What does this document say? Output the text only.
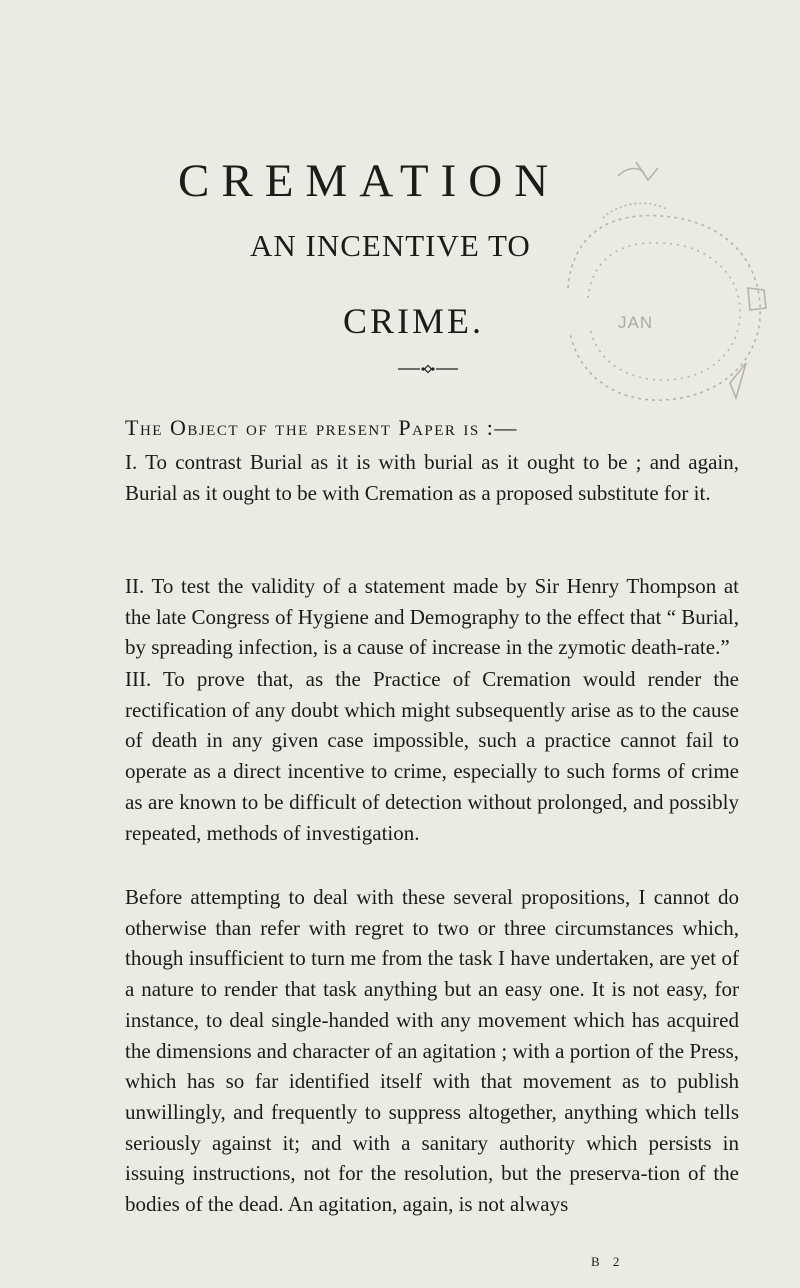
JAN
CREMATION
AN INCENTIVE TO
CRIME.
The Object of the present Paper is :—
I. To contrast Burial as it is with burial as it ought to be ; and again, Burial as it ought to be with Cremation as a proposed substitute for it.
II. To test the validity of a statement made by Sir Henry Thompson at the late Congress of Hygiene and Demography to the effect that “ Burial, by spreading infection, is a cause of increase in the zymotic death-rate.”
III. To prove that, as the Practice of Cremation would render the rectification of any doubt which might subsequently arise as to the cause of death in any given case impossible, such a practice cannot fail to operate as a direct incentive to crime, especially to such forms of crime as are known to be difficult of detection without prolonged, and possibly repeated, methods of investigation.
Before attempting to deal with these several propositions, I cannot do otherwise than refer with regret to two or three circumstances which, though insufficient to turn me from the task I have undertaken, are yet of a nature to render that task anything but an easy one. It is not easy, for instance, to deal single-handed with any movement which has acquired the dimensions and character of an agitation ; with a portion of the Press, which has so far identified itself with that movement as to publish unwillingly, and frequently to suppress altogether, anything which tells seriously against it; and with a sanitary authority which persists in issuing instructions, not for the resolution, but the preserva-tion of the bodies of the dead. An agitation, again, is not always
B 2
